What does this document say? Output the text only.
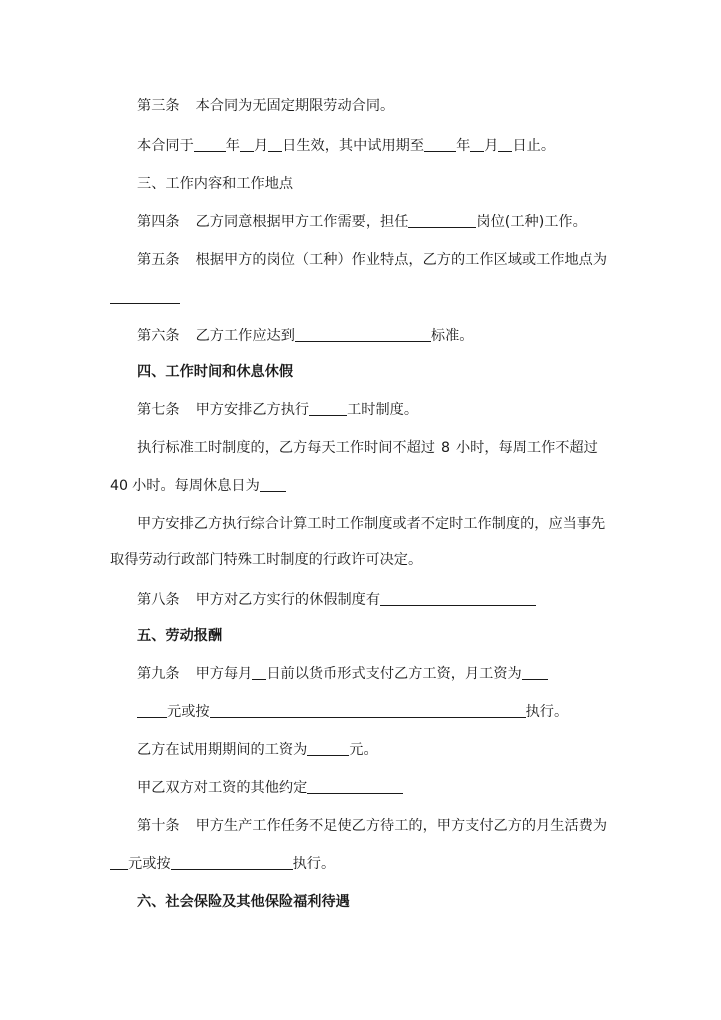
第三条 本合同为无固定期限劳动合同。
本合同于 年 月 日生效，其中试用期至 年 月 日止。
三、工作内容和工作地点
第四条 乙方同意根据甲方工作需要，担任	岗位(工种)工作。
第五条 根据甲方的岗位（工种）作业特点，乙方的工作区域或工作地点为
第六条 乙方工作应达到	标准。
四、工作时间和休息休假
第七条 甲方安排乙方执行	工时制度。
执行标准工时制度的，乙方每天工作时间不超过 8 小时，每周工作不超过
40 小时。每周休息日为
甲方安排乙方执行综合计算工时工作制度或者不定时工作制度的，应当事先
取得劳动行政部门特殊工时制度的行政许可决定。
第八条 甲方对乙方实行的休假制度有
五、劳动报酬
第九条 甲方每月 日前以货币形式支付乙方工资，月工资为
元或按	执行。
乙方在试用期期间的工资为	元。
甲乙双方对工资的其他约定
第十条 甲方生产工作任务不足使乙方待工的，甲方支付乙方的月生活费为
元或按	执行。
六、社会保险及其他保险福利待遇
